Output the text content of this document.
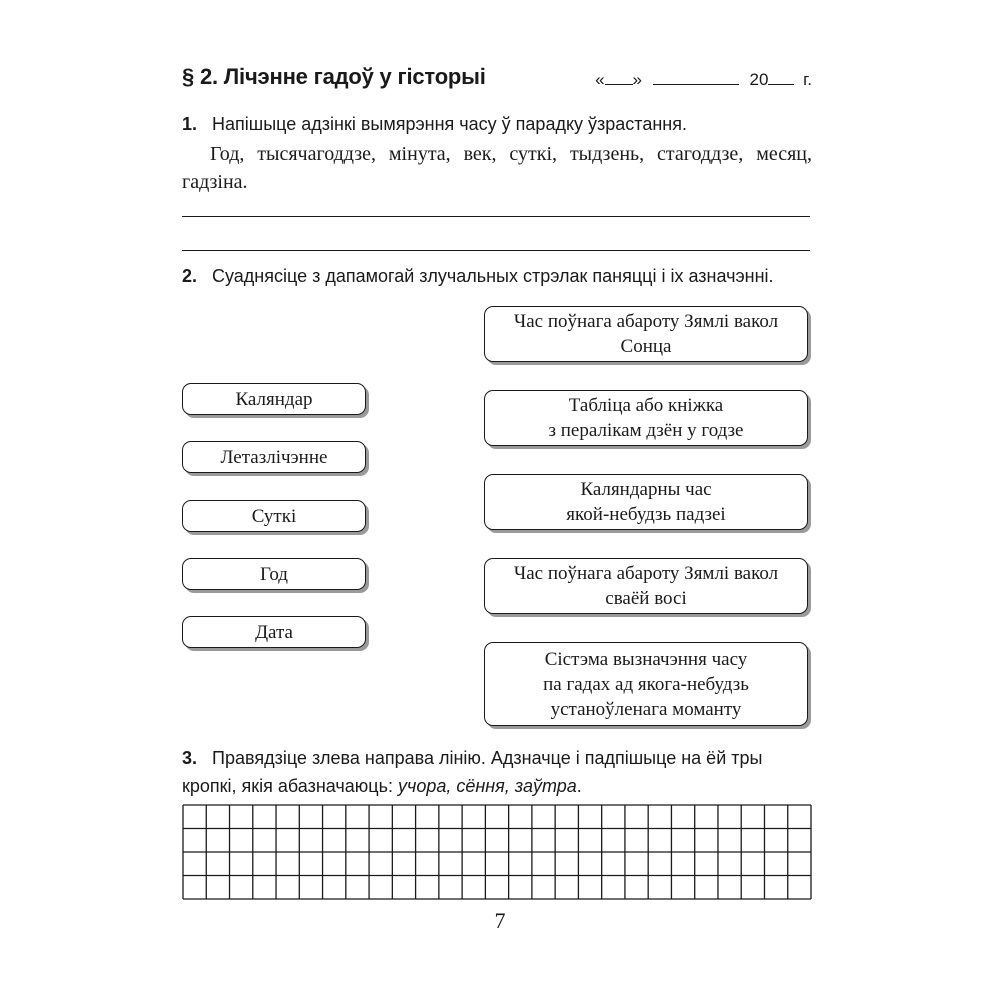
§ 2. Лічэнне гадоў у гісторыі	« »	20 г.
1. Напішыце адзінкі вымярэння часу ў парадку ўзрастання.
Год, тысячагоддзе, мінута, век, суткі, тыдзень, стагоддзе, месяц, гадзіна.
2. Суаднясіце з дапамогай злучальных стрэлак паняцці і іх азначэнні.
Каляндар
Летазлічэнне
Суткі
Год
Дата
Час поўнага абароту Зямлі вакол
Сонца
Табліца або кніжка
з пералікам дзён у годзе
Каляндарны час
якой-небудзь падзеі
Час поўнага абароту Зямлі вакол
сваёй восі
Сістэма вызначэння часу
па гадах ад якога-небудзь
устаноўленага моманту
3. Правядзіце злева направа лінію. Адзначце і падпішыце на ёй тры кропкі, якія абазначаюць: учора, сёння, заўтра.
7
